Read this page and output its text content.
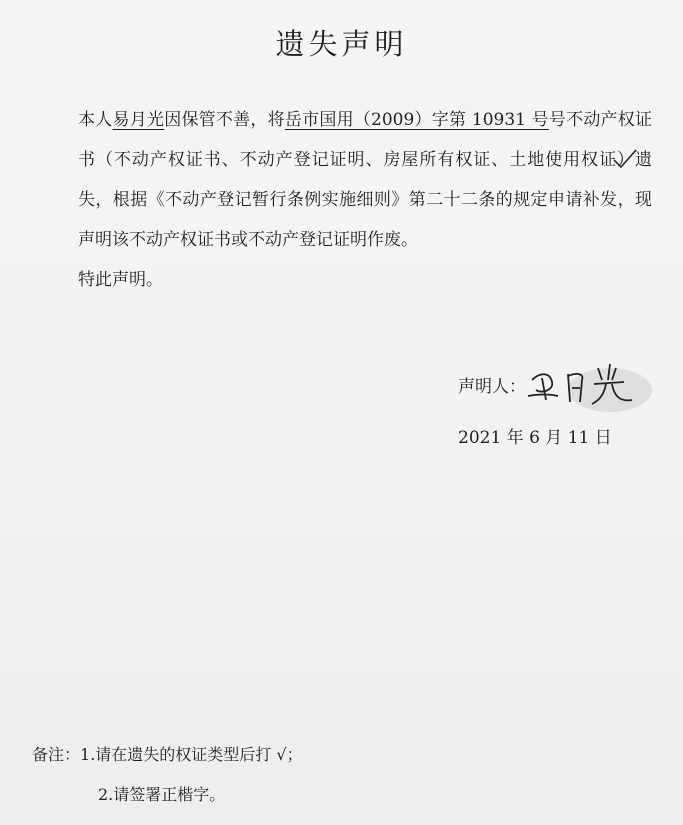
遗失声明
本人易月光因保管不善，将岳市国用（2009）字第 10931 号号不动产权证书（不动产权证书、不动产登记证明、房屋所有权证、土地使用权证）遗失，根据《不动产登记暂行条例实施细则》第二十二条的规定申请补发，现声明该不动产权证书或不动产登记证明作废。
特此声明。
声明人：
2021 年 6 月 11 日
备注：1.请在遗失的权证类型后打 √；
2.请签署正楷字。
